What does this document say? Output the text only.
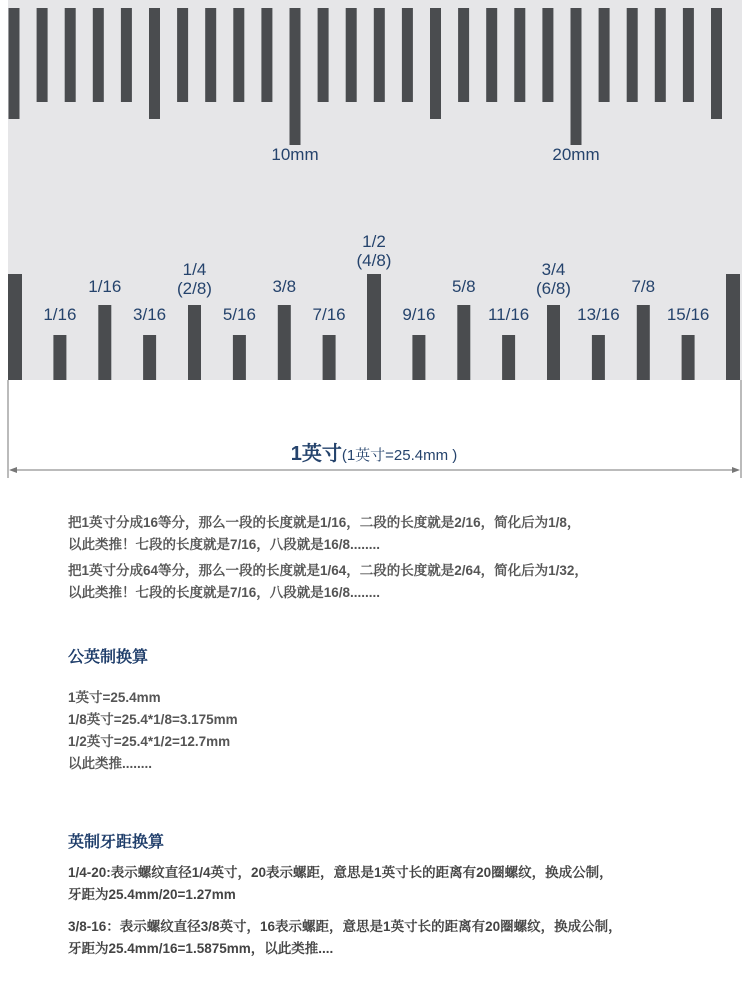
10mm	20mm
1/16
1/16
3/16
1/4 (2/8)
5/16
3/8
7/16
1/2 (4/8)
9/16
5/8
11/16
3/4 (6/8)
13/16
7/8
15/16
1英寸(1英寸=25.4mm )

把1英寸分成16等分，那么一段的长度就是1/16，二段的长度就是2/16，简化后为1/8，
以此类推！七段的长度就是7/16，八段就是16/8........

把1英寸分成64等分，那么一段的长度就是1/64，二段的长度就是2/64，简化后为1/32，
以此类推！七段的长度就是7/16，八段就是16/8........

公英制换算
1英寸=25.4mm
1/8英寸=25.4*1/8=3.175mm
1/2英寸=25.4*1/2=12.7mm
以此类推........
英制牙距换算

1/4-20:表示螺纹直径1/4英寸，20表示螺距，意思是1英寸长的距离有20圈螺纹，换成公制，
牙距为25.4mm/20=1.27mm

3/8-16：表示螺纹直径3/8英寸，16表示螺距，意思是1英寸长的距离有20圈螺纹，换成公制，
牙距为25.4mm/16=1.5875mm，以此类推....
